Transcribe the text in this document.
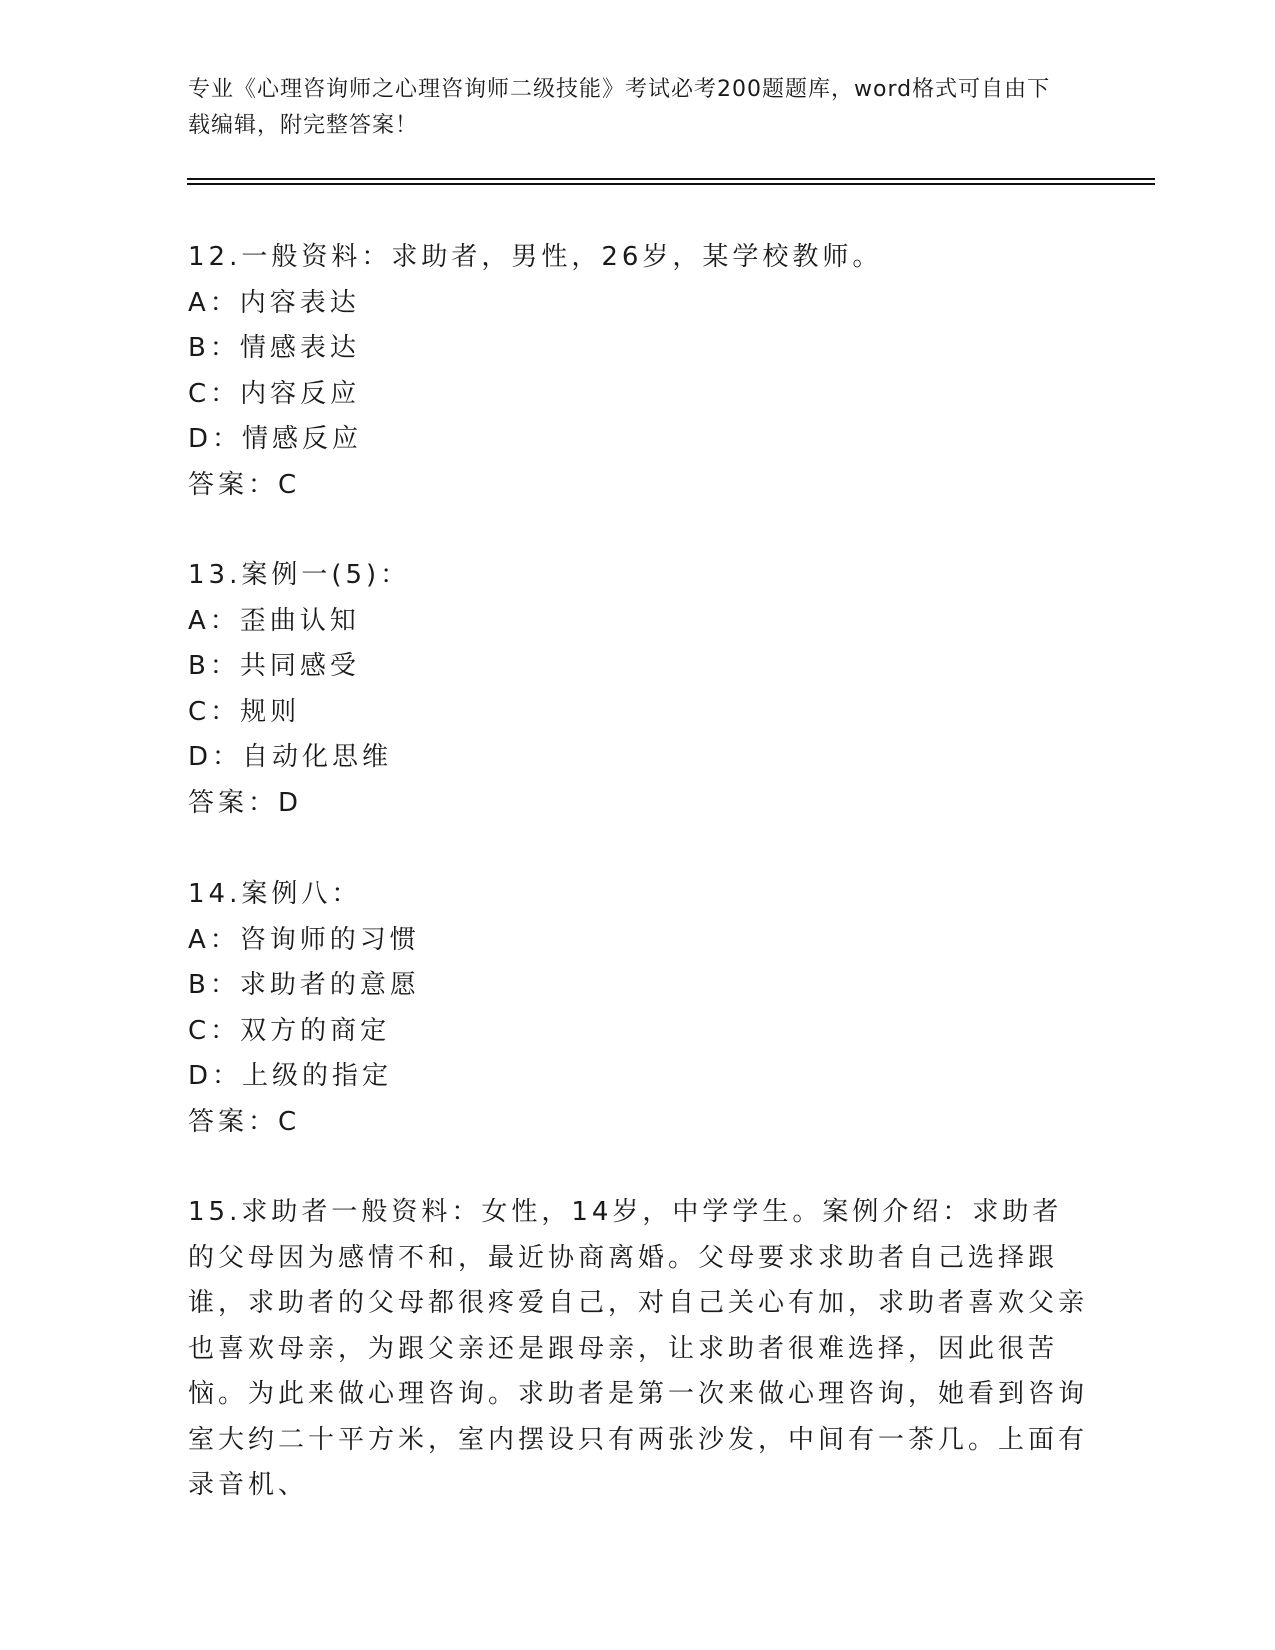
专业《心理咨询师之心理咨询师二级技能》考试必考200题题库，word格式可自由下载编辑，附完整答案！
12.一般资料：求助者，男性，26岁，某学校教师。
A：内容表达
B：情感表达
C：内容反应
D：情感反应
答案：C
13.案例一(5)：
A：歪曲认知
B：共同感受
C：规则
D：自动化思维
答案：D
14.案例八：
A：咨询师的习惯
B：求助者的意愿
C：双方的商定
D：上级的指定
答案：C
15.求助者一般资料：女性，14岁，中学学生。案例介绍：求助者的父母因为感情不和，最近协商离婚。父母要求求助者自己选择跟谁，求助者的父母都很疼爱自己，对自己关心有加，求助者喜欢父亲也喜欢母亲，为跟父亲还是跟母亲，让求助者很难选择，因此很苦恼。为此来做心理咨询。求助者是第一次来做心理咨询，她看到咨询室大约二十平方米，室内摆设只有两张沙发，中间有一茶几。上面有录音机、
